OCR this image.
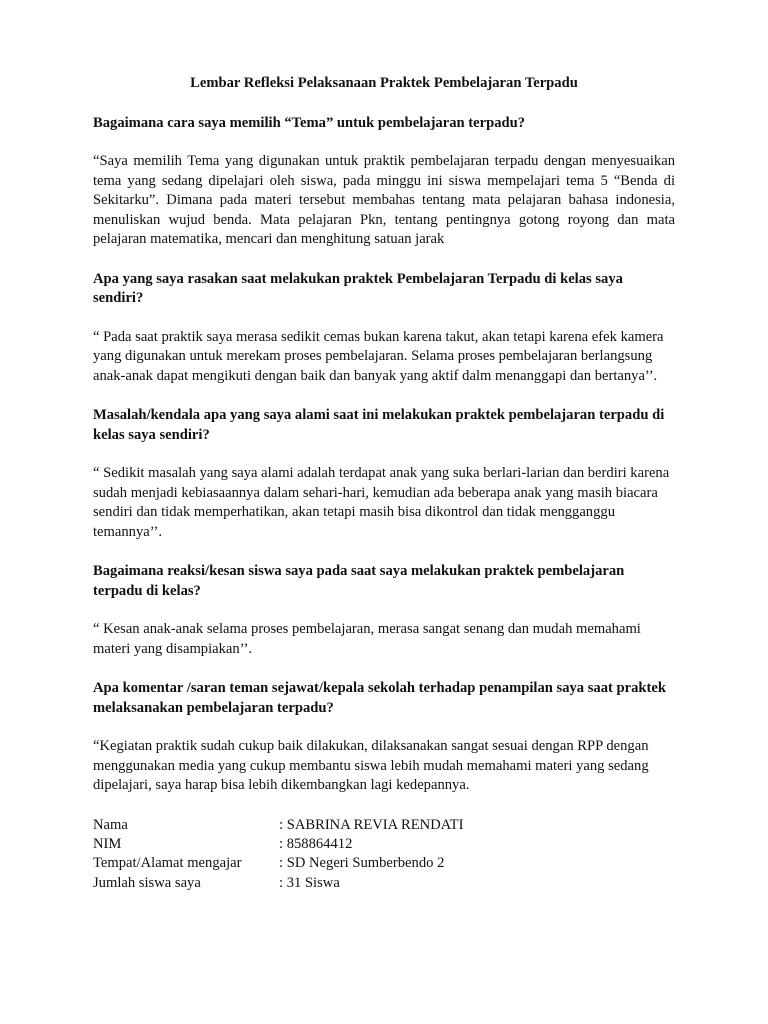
Lembar Refleksi Pelaksanaan Praktek Pembelajaran Terpadu
Bagaimana cara saya memilih “Tema” untuk pembelajaran terpadu?
“Saya memilih Tema yang digunakan untuk praktik pembelajaran terpadu dengan menyesuaikan tema yang sedang dipelajari oleh siswa, pada minggu ini siswa mempelajari tema 5 “Benda di Sekitarku”. Dimana pada materi tersebut membahas tentang mata pelajaran bahasa indonesia, menuliskan wujud benda. Mata pelajaran Pkn, tentang pentingnya gotong royong dan mata pelajaran matematika, mencari dan menghitung satuan jarak
Apa yang saya rasakan saat melakukan praktek Pembelajaran Terpadu di kelas saya sendiri?
“ Pada saat praktik saya merasa sedikit cemas bukan karena takut, akan tetapi karena efek kamera yang digunakan untuk merekam proses pembelajaran. Selama proses pembelajaran berlangsung anak-anak dapat mengikuti dengan baik dan banyak yang aktif dalm menanggapi dan bertanya’’.
Masalah/kendala apa yang saya alami saat ini melakukan praktek pembelajaran terpadu di kelas saya sendiri?
“ Sedikit masalah yang saya alami adalah terdapat anak yang suka berlari-larian dan berdiri karena sudah menjadi kebiasaannya dalam sehari-hari, kemudian ada beberapa anak yang masih biacara sendiri dan tidak memperhatikan, akan tetapi masih bisa dikontrol dan tidak mengganggu temannya’’.
Bagaimana reaksi/kesan siswa saya pada saat saya melakukan praktek pembelajaran terpadu di kelas?
“ Kesan anak-anak selama proses pembelajaran, merasa sangat senang dan mudah memahami materi yang disampiakan’’.
Apa komentar /saran teman sejawat/kepala sekolah terhadap penampilan saya saat praktek melaksanakan pembelajaran terpadu?
“Kegiatan praktik sudah cukup baik dilakukan, dilaksanakan sangat sesuai dengan RPP dengan menggunakan media yang cukup membantu siswa lebih mudah memahami materi yang sedang dipelajari, saya harap bisa lebih dikembangkan lagi kedepannya.
Nama	: SABRINA REVIA RENDATI
NIM	: 858864412
Tempat/Alamat mengajar	: SD Negeri Sumberbendo 2
Jumlah siswa saya	: 31 Siswa
